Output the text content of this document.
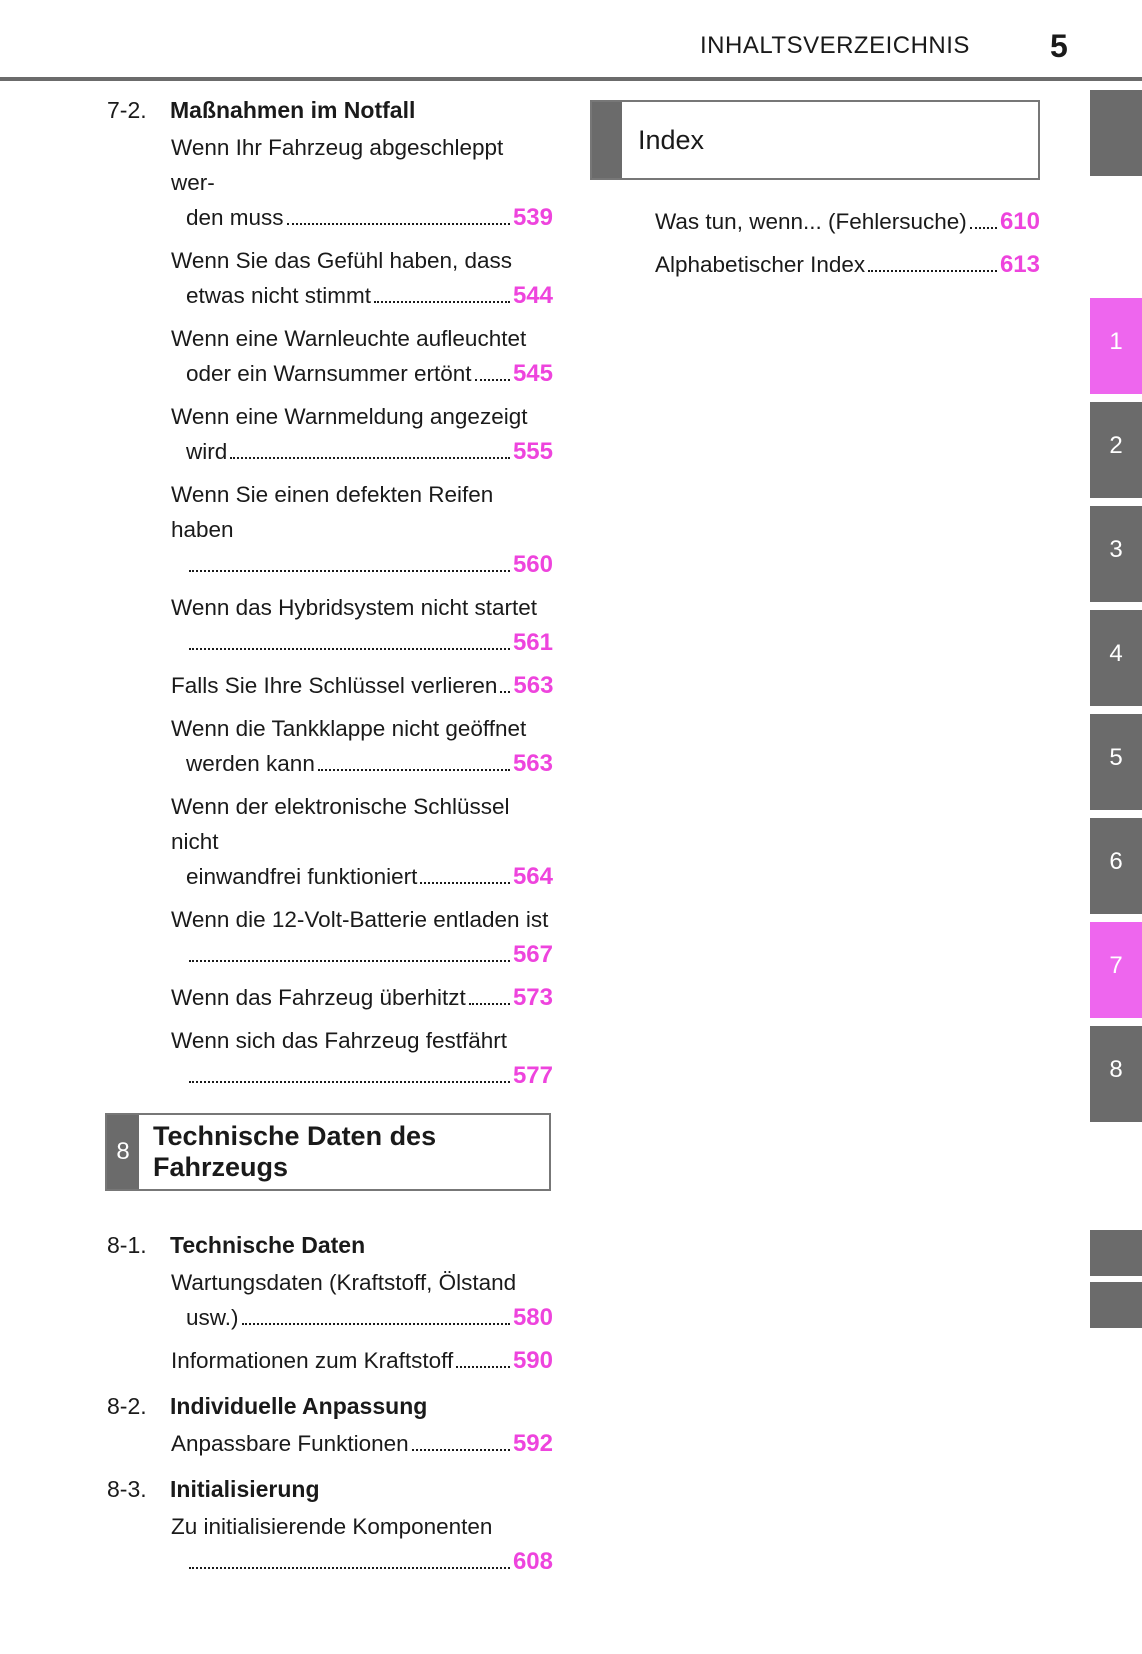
INHALTSVERZEICHNIS	5
7-2.	Maßnahmen im Notfall
Wenn Ihr Fahrzeug abgeschleppt wer-
den muss	539
Wenn Sie das Gefühl haben, dass
etwas nicht stimmt	544
Wenn eine Warnleuchte aufleuchtet
oder ein Warnsummer ertönt 545
Wenn eine Warnmeldung angezeigt
wird	555
Wenn Sie einen defekten Reifen haben
560
Wenn das Hybridsystem nicht startet
561
Falls Sie Ihre Schlüssel verlieren 563
Wenn die Tankklappe nicht geöffnet
werden kann	563
Wenn der elektronische Schlüssel nicht
einwandfrei funktioniert	564
Wenn die 12-Volt-Batterie entladen ist
567
Wenn das Fahrzeug überhitzt 573
Wenn sich das Fahrzeug festfährt
577
8
Technische Daten des Fahrzeugs
8-1.	Technische Daten
Wartungsdaten (Kraftstoff, Ölstand
usw.)	580
Informationen zum Kraftstoff 590
8-2.	Individuelle Anpassung
Anpassbare Funktionen	592
8-3.	Initialisierung
Zu initialisierende Komponenten
608
Index
Was tun, wenn... (Fehlersuche) 610
Alphabetischer Index	613
1
2
3
4
5
6
7
8
